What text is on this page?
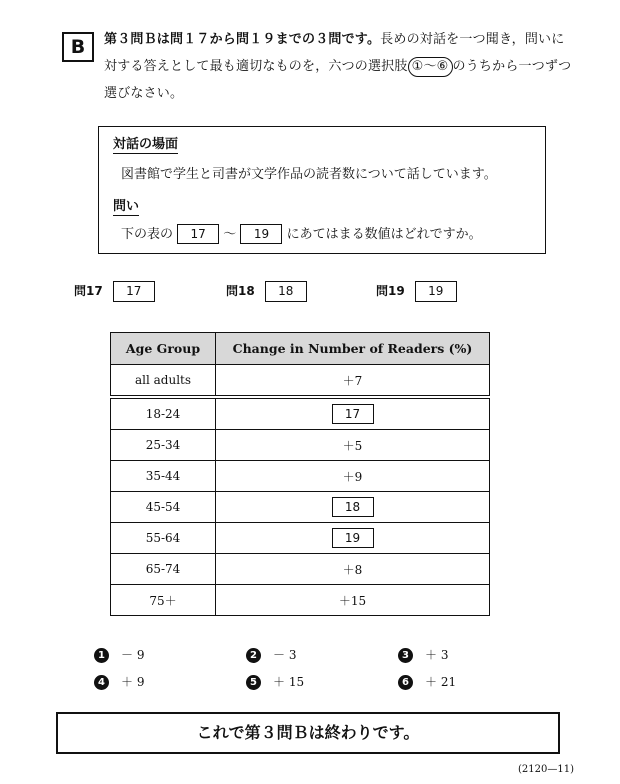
B	第３問Ｂは問１７から問１９までの３問です。長めの対話を一つ聞き，問いに対する答えとして最も適切なものを，六つの選択肢 ①〜⑥ のうちから一つずつ選びなさい。
対話の場面
図書館で学生と司書が文学作品の読者数について話しています。
問い
下の表の 17 〜 19 にあてはまる数値はどれですか。
問17 17	問18 18	問19 19
Age Group	Change in Number of Readers (%)
all adults	＋7
18-24	17
25-34	＋5
35-44	＋9
45-54	18
55-64	19
65-74	＋8
75＋	＋15
1 － 9	2 － 3	3 ＋ 3
4 ＋ 9	5 ＋ 15	6 ＋ 21
これで第３問Ｂは終わりです。
(2120—11)
